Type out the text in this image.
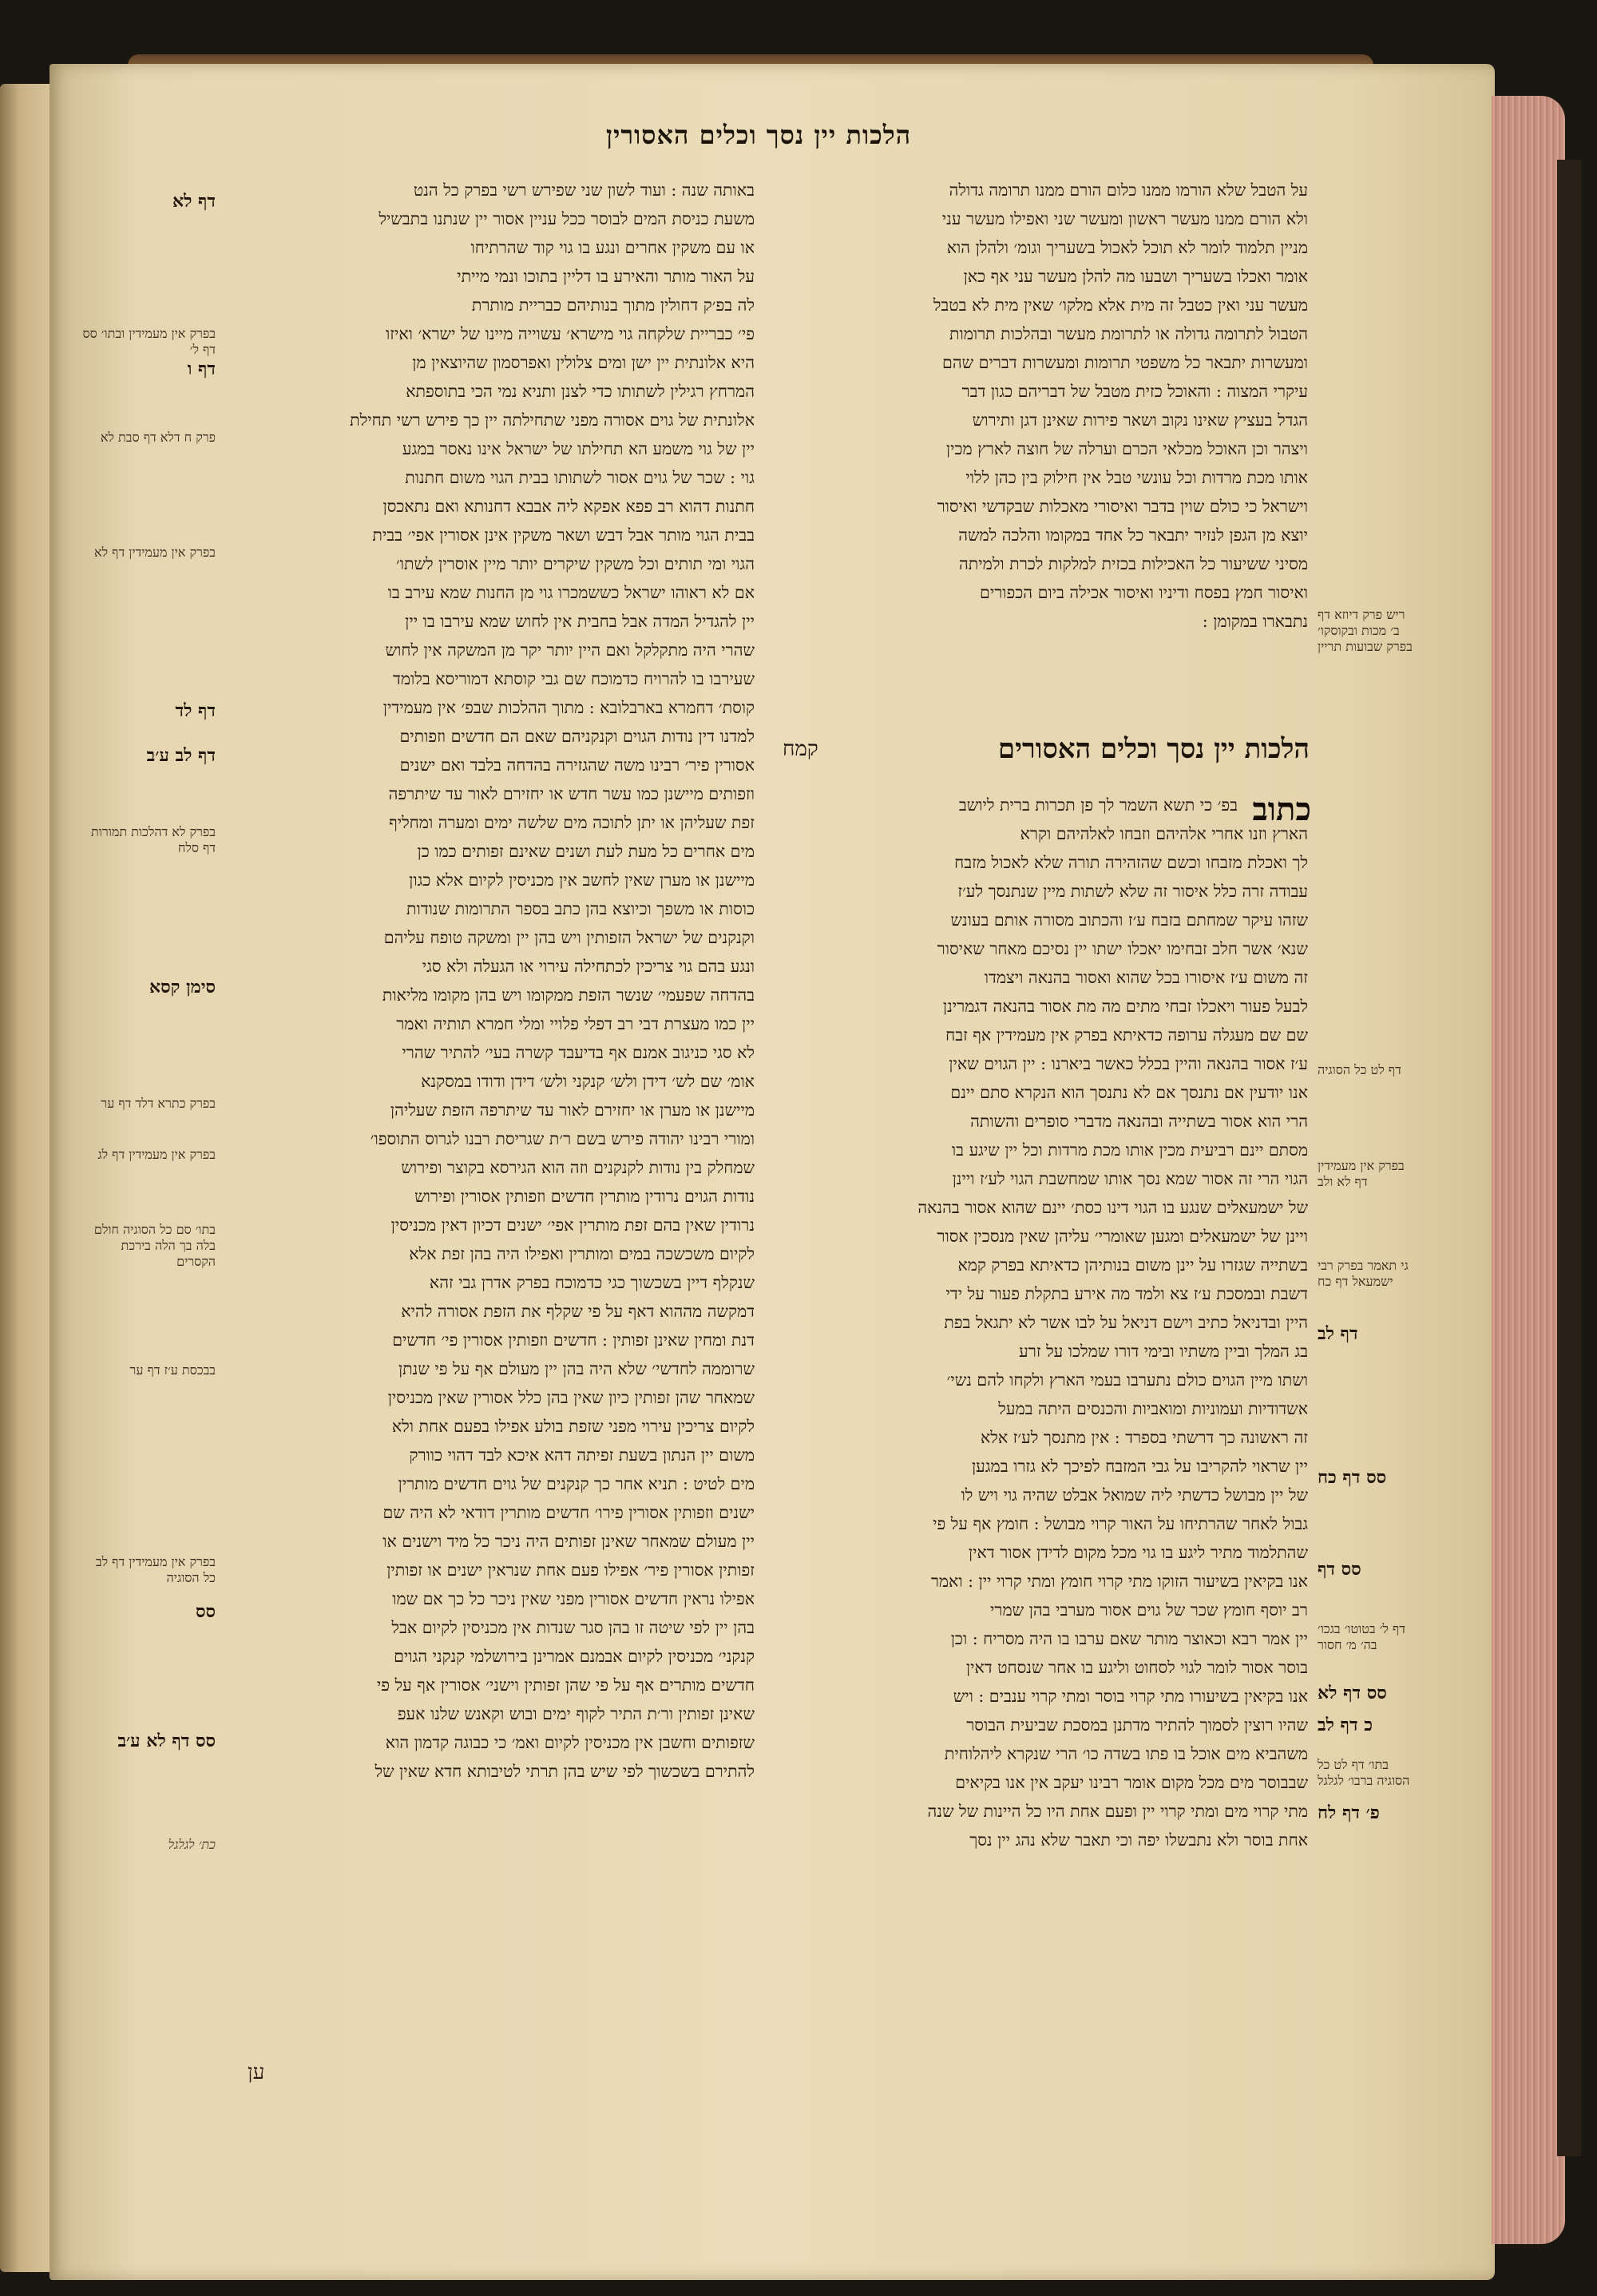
הלכות יין נסך וכלים האסורין
על הטבל שלא הורמו ממנו כלום הורם ממנו תרומה גדולה
ולא הורם ממנו מעשר ראשון ומעשר שני ואפילו מעשר עני
מניין תלמוד לומר לא תוכל לאכול בשעריך וגומ׳ ולהלן הוא
אומר ואכלו בשעריך ושבעו מה להלן מעשר עני אף כאן
מעשר עני ואין כטבל זה מית אלא מלקו׳ שאין מית לא בטבל
הטבול לתרומה גדולה או לתרומת מעשר ובהלכות תרומות
ומעשרות יתבאר כל משפטי תרומות ומעשרות דברים שהם
עיקרי המצוה : והאוכל כזית מטבל של דבריהם כגון דבר
הגדל בעציץ שאינו נקוב ושאר פירות שאינן דגן ותירוש
ויצהר וכן האוכל מכלאי הכרם וערלה של חוצה לארץ מכין
אותו מכת מרדות וכל עונשי טבל אין חילוק בין כהן ללוי
וישראל כי כולם שוין בדבר ואיסורי מאכלות שבקדשי ואיסור
יוצא מן הגפן לנזיר יתבאר כל אחד במקומו והלכה למשה
מסיני ששיעור כל האכילות בכזית למלקות לכרת ולמיתה
ואיסור חמץ בפסח ודיניו ואיסור אכילה ביום הכפורים
נתבארו במקומן :
הלכות יין נסך וכלים האסורים
קמח
כתוב
בפ׳ כי תשא השמר לך פן תכרות ברית ליושב
הארץ וזנו אחרי אלהיהם וזבחו לאלהיהם וקרא
לך ואכלת מזבחו וכשם שהזהירה תורה שלא לאכול מזבח
עבודה זרה כלל איסור זה שלא לשתות מיין שנתנסך לע׳ז
שזהו עיקר שמחתם בזבח ע׳ז והכתוב מסורה אותם בעונש
שנא׳ אשר חלב זבחימו יאכלו ישתו יין נסיכם מאחר שאיסור
זה משום ע׳ז איסורו בכל שהוא ואסור בהנאה ויצמדו
לבעל פעור ויאכלו זבחי מתים מה מת אסור בהנאה דגמרינן
שם שם מעגלה ערופה כדאיתא בפרק אין מעמידין אף זבח
ע׳ז אסור בהנאה והיין בכלל כאשר ביארנו : יין הגוים שאין
אנו יודעין אם נתנסך אם לא נתנסך הוא הנקרא סתם יינם
הרי הוא אסור בשתייה ובהנאה מדברי סופרים והשותה
מסתם יינם רביעית מכין אותו מכת מרדות וכל יין שיגע בו
הגוי הרי זה אסור שמא נסך אותו שמחשבת הגוי לע׳ז ויינן
של ישמעאלים שנגע בו הגוי דינו כסת׳ יינם שהוא אסור בהנאה
ויינן של ישמעאלים ומגען שאומרי׳ עליהן שאין מנסכין אסור
בשתייה שגזרו על יינן משום בנותיהן כדאיתא בפרק קמא
דשבת ובמסכת ע׳ז צא ולמד מה אירע בתקלת פעור על ידי
היין ובדניאל כתיב וישם דניאל על לבו אשר לא יתגאל בפת
בג המלך וביין משתיו ובימי דורו שמלכו על זרע
ושתו מיין הגוים כולם נתערבו בעמי הארץ ולקחו להם נשי׳
אשדודיות ועמוניות ומואביות והכנסים היתה במעל
זה ראשונה כך דרשתי בספרד : אין מתנסך לע׳ז אלא
יין שראוי להקריבו על גבי המזבח לפיכך לא גזרו במגען
של יין מבושל כדשתי ליה שמואל אבלט שהיה גוי ויש לו
גבול לאחר שהרתיחו על האור קרוי מבושל : חומץ אף על פי
שהתלמוד מתיר ליגע בו גוי מכל מקום לדידן אסור דאין
אנו בקיאין בשיעור הזוקו מתי קרוי חומץ ומתי קרוי יין : ואמר
רב יוסף חומץ שכר של גוים אסור מערבי בהן שמרי
יין אמר רבא וכאוצר מותר שאם ערבו בו היה מסריח : וכן
בוסר אסור לומר לגוי לסחוט וליגע בו אחר שנסחט דאין
אנו בקיאין בשיעורו מתי קרוי בוסר ומתי קרוי ענבים : ויש
שהיו רוצין לסמוך להתיר מדתנן במסכת שביעית הבוסר
משהביא מים אוכל בו פתו בשדה כו׳ הרי שנקרא ליהלוחית
שבבוסר מים מכל מקום אומר רבינו יעקב אין אנו בקיאים
מתי קרוי מים ומתי קרוי יין ופעם אחת היו כל היינות של שנה
אחת בוסר ולא נתבשלו יפה וכי תאבר שלא נהג יין נסך
באותה שנה : ועוד לשון שני שפירש רשי בפרק כל הנט
משעת כניסת המים לבוסר ככל עניין אסור יין שנתנו בתבשיל
או עם משקין אחרים ונגע בו גוי קוד שהרתיחו
על האור מותר והאירע בו דליין בתוכו ונמי מייתי
לה בפ׳ק דחולין מתוך בנותיהם כבריית מותרת
פי׳ כבריית שלקחה גוי מישרא׳ עשוייה מיינו של ישרא׳ ואיזו
היא אלונתית יין ישן ומים צלולין ואפרסמון שהיוצאין מן
המרחץ רגילין לשתותו כדי לצנן ותניא נמי הכי בתוספתא
אלונתית של גוים אסורה מפני שתחילתה יין כך פירש רשי תחילת
יין של גוי משמע הא תחילתו של ישראל אינו נאסר במגע
גוי : שכר של גוים אסור לשתותו בבית הגוי משום חתנות
חתנות דהוא רב פפא אפקא ליה אבבא דחנותא ואם נתאכסן
בבית הגוי מותר אבל דבש ושאר משקין אינן אסורין אפי׳ בבית
הגוי ומי תותים וכל משקין שיקרים יותר מיין אוסרין לשתו׳
אם לא ראוהו ישראל כששמכרו גוי מן החנות שמא עירב בו
יין להגדיל המדה אבל בחבית אין לחוש שמא עירבו בו יין
שהרי היה מתקלקל ואם היין יותר יקר מן המשקה אין לחוש
שעירבו בו להרויח כדמוכח שם גבי קוסתא דמוריסא בלומד
קוסת׳ דחמרא בארבלובא : מתוך ההלכות שבפ׳ אין מעמידין
למדנו דין נודות הגוים וקנקניהם שאם הם חדשים וזפותים
אסורין פיר׳ רבינו משה שהגזירה בהדחה בלבד ואם ישנים
וזפותים מיישנן כמו עשר חדש או יחזירם לאור עד שיתרפה
זפת שעליהן או יתן לתוכה מים שלשה ימים ומערה ומחליף
מים אחרים כל מעת לעת ושנים שאינם זפותים כמו כן
מיישנן או מערן שאין לחשב אין מכניסין לקיום אלא כגון
כוסות או משפך וכיוצא בהן כתב בספר התרומות שנודות
וקנקנים של ישראל הזפותין ויש בהן יין ומשקה טופח עליהם
ונגע בהם גוי צריכין לכתחילה עירוי או הגעלה ולא סגי
בהדחה שפעמי׳ שנשר הזפת ממקומו ויש בהן מקומו מליאות
יין כמו מעצרת דבי רב דפלי פלויי ומלי חמרא תותיה ואמר
לא סגי כניגוב אמנם אף בדיעבד קשרה בעי׳ להתיר שהרי
אומ׳ שם לש׳ דידן ולש׳ קנקני ולש׳ דידן ודודו במסקנא
מיישנן או מערן או יחזירם לאור עד שיתרפה הזפת שעליהן
ומורי רבינו יהודה פירש בשם ר׳ת שגריסת רבנו לגרוס התוספו׳
שמחלק בין נודות לקנקנים וזה הוא הגירסא בקוצר ופירוש
נודות הגוים נרודין מותרין חדשים וזפותין אסורין ופירוש
נרודין שאין בהם זפת מותרין אפי׳ ישנים דכיון דאין מכניסין
לקיום משכשכה במים ומותרין ואפילו היה בהן זפת אלא
שנקלף דיין בשכשוך כגי כדמוכח בפרק אדרן גבי זהא
דמקשה מההוא דאף על פי שקלף את הזפת אסורה להיא
דנת ומחין שאינן זפותין : חדשים וזפותין אסורין פי׳ חדשים
שרוממה לחדשי׳ שלא היה בהן יין מעולם אף על פי שנתן
שמאחר שהן זפותין כיון שאין בהן כלל אסורין שאין מכניסין
לקיום צריכין עירוי מפני שזפת בולע אפילו בפעם אחת ולא
משום יין הנתון בשעת זפיתה דהא איכא לבד דהוי כוורק
מים לטיט : תניא אחר כך קנקנים של גוים חדשים מותרין
ישנים וזפותין אסורין פירו׳ חדשים מותרין דודאי לא היה שם
יין מעולם שמאחר שאינן זפותים היה ניכר כל מיד וישנים או
זפותין אסורין פיר׳ אפילו פעם אחת שנראין ישנים או זפותין
אפילו נראין חדשים אסורין מפני שאין ניכר כל כך אם שמו
בהן יין לפי שיטה זו בהן סגר שנדות אין מכניסין לקיום אבל
קנקני׳ מכניסין לקיום אבמנם אמרינן בירושלמי קנקני הגוים
חדשים מותרים אף על פי שהן זפותין וישני׳ אסורין אף על פי
שאינן זפותין ור׳ת התיר לקוף ימים ובוש וקאנש שלנו אעפ
שזפותים וחשבן אין מכניסין לקיום ואמ׳ כי כבוגה קדמון הוא
להתירם בשכשוך לפי שיש בהן תרתי לטיבותא חדא שאין של
ען
דף לא
בפרק אין מעמידין ובתו׳ סס דף ל׳
דף ו
פרק ח דלא דף סבת לא
בפרק אין מעמידין דף לא
דף לד
דף לב ע׳ב
בפרק לא דהלכות תמורות דף סלח
סימן קסא
בפרק כתרא דלד דף ער
בפרק אין מעמידין דף לג
בתו׳ סם כל הסוגיה חולם בלה בך הלה בירכת הקסרים
בבכסת ע׳ז דף ער
בפרק אין מעמידין דף לב כל הסוגיה
סס
סס דף לא ע׳ב
כת׳ לגלגל
ריש פרק דיוזא דף ב׳ מכות ובקוסקו׳ בפרק שבועות תריין
דף לט כל הסוגיה
בפרק אין מעמידין דף לא ולב
גי תאמר בפרק רבי ישמעאל דף כח
דף לב
סס דף כח
סס דף
דף ל׳ בטוטו׳ בגכו׳ בה׳ מ׳ חסור
סס דף לא
כ דף לב
בתו׳ דף לט כל הסוגיה ברבו׳ לגלגל
פ׳ דף לח
